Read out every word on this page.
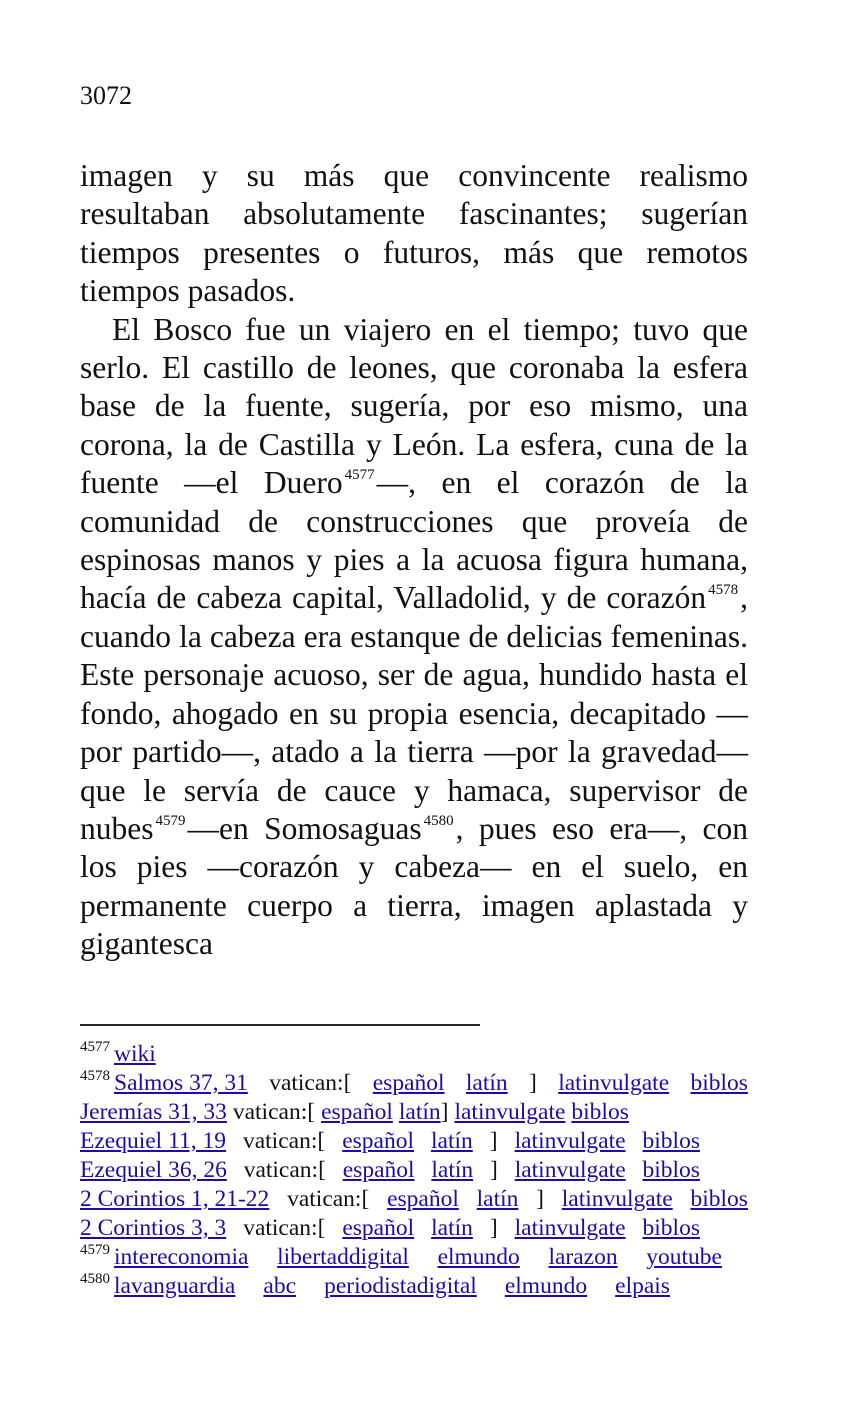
3072

imagen y su más que convincente realismo resultaban absolutamente fascinantes; sugerían tiempos presentes o futuros, más que remotos tiempos pasados.

El Bosco fue un viajero en el tiempo; tuvo que serlo. El castillo de leones, que coronaba la esfera base de la fuente, sugería, por eso mismo, una corona, la de Castilla y León. La esfera, cuna de la fuente —el Duero $^{4577}$—, en el corazón de la comunidad de construcciones que proveía de espinosas manos y pies a la acuosa figura humana, hacía de cabeza capital, Valladolid, y de corazón $^{4578}$, cuando la cabeza era estanque de delicias femeninas. Este personaje acuoso, ser de agua, hundido hasta el fondo, ahogado en su propia esencia, decapitado —por partido—, atado a la tierra —por la gravedad— que le servía de cauce y hamaca, supervisor de nubes $^{4579}$—en Somosaguas $^{4580}$, pues eso era—, con los pies —corazón y cabeza— en el suelo, en permanente cuerpo a tierra, imagen aplastada y gigantesca

$^{4577}$ wiki
$^{4578}$ Salmos 37, 31 vatican:[ español latín ] latinvulgate biblos
Jeremías 31, 33 vatican:[ español latín] latinvulgate biblos
Ezequiel 11, 19 vatican:[ español latín ] latinvulgate biblos
Ezequiel 36, 26 vatican:[ español latín ] latinvulgate biblos
2 Corintios 1, 21-22 vatican:[ español latín ] latinvulgate biblos
2 Corintios 3, 3 vatican:[ español latín ] latinvulgate biblos
$^{4579}$ intereconomia libertaddigital elmundo larazon youtube
$^{4580}$ lavanguardia abc periodistadigital elmundo elpais
